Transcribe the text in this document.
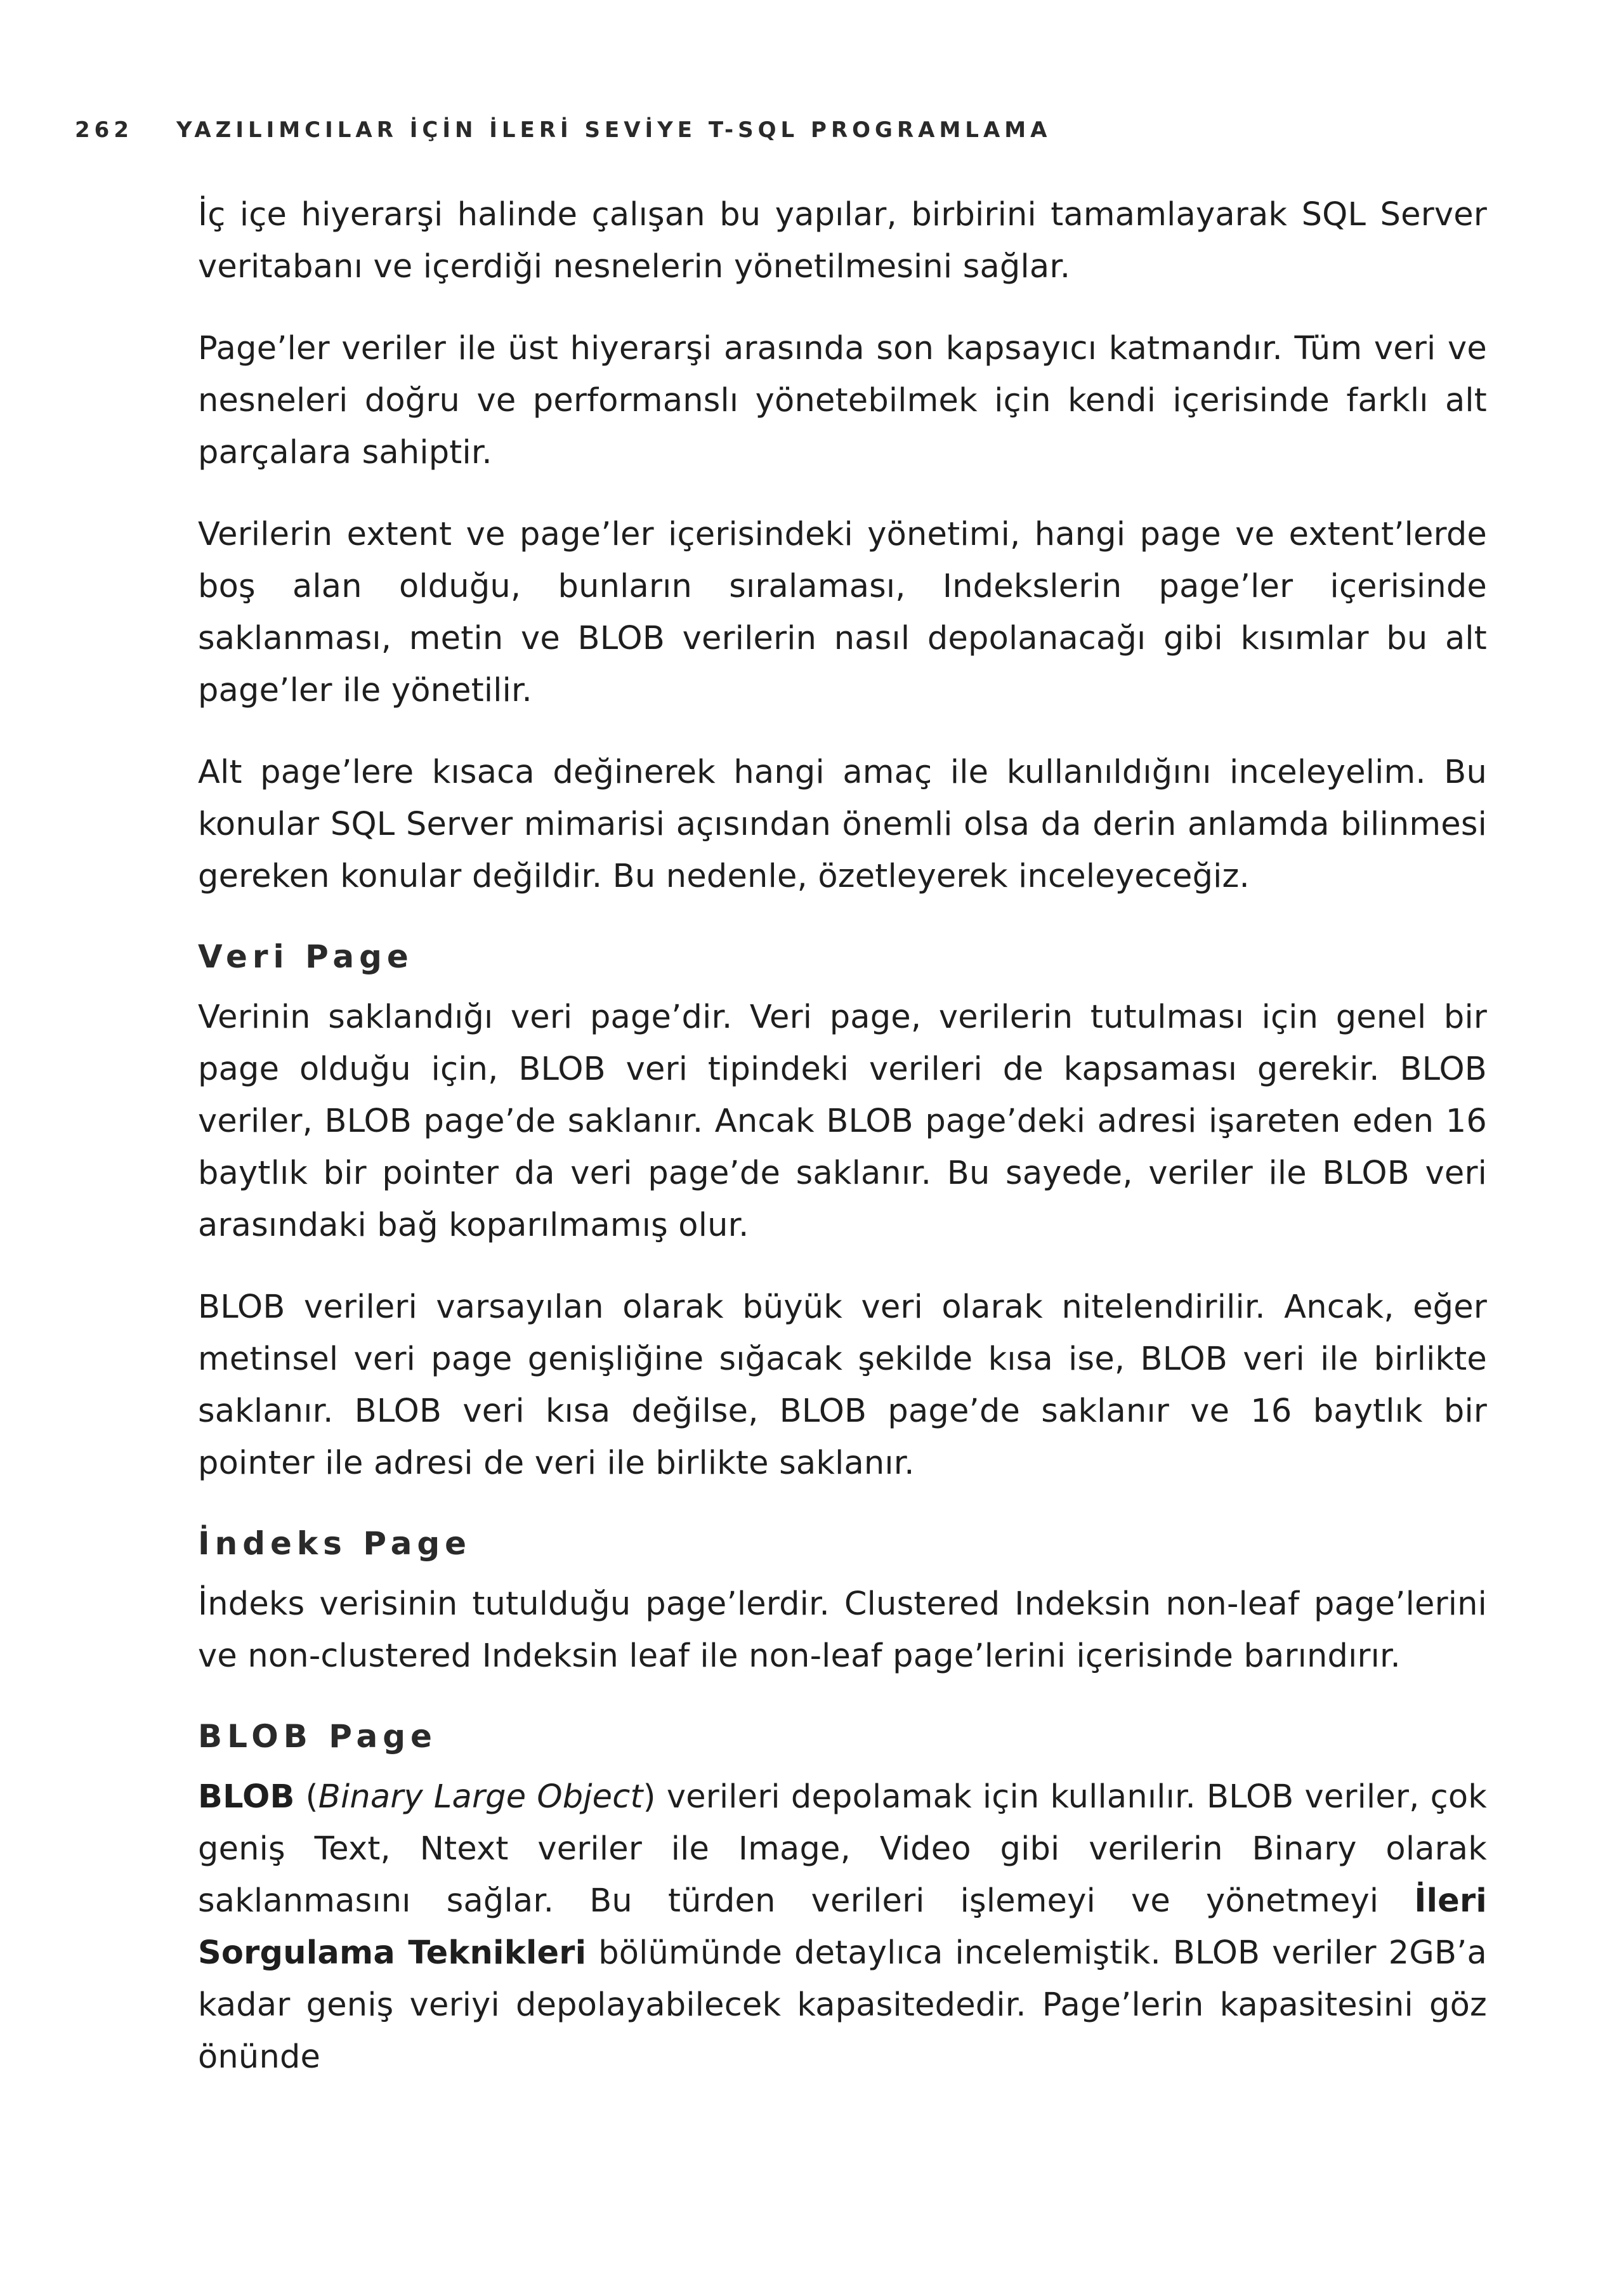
262 YAZILIMCILAR İÇİN İLERİ SEVİYE T-SQL PROGRAMLAMA

İç içe hiyerarşi halinde çalışan bu yapılar, birbirini tamamlayarak SQL Server veritabanı ve içerdiği nesnelerin yönetilmesini sağlar.

Page’ler veriler ile üst hiyerarşi arasında son kapsayıcı katmandır. Tüm veri ve nesneleri doğru ve performanslı yönetebilmek için kendi içerisinde farklı alt parçalara sahiptir.

Verilerin extent ve page’ler içerisindeki yönetimi, hangi page ve extent’lerde boş alan olduğu, bunların sıralaması, Indekslerin page’ler içerisinde saklanması, metin ve BLOB verilerin nasıl depolanacağı gibi kısımlar bu alt page’ler ile yönetilir.

Alt page’lere kısaca değinerek hangi amaç ile kullanıldığını inceleyelim. Bu konular SQL Server mimarisi açısından önemli olsa da derin anlamda bilinmesi gereken konular değildir. Bu nedenle, özetleyerek inceleyeceğiz.

Veri Page

Verinin saklandığı veri page’dir. Veri page, verilerin tutulması için genel bir page olduğu için, BLOB veri tipindeki verileri de kapsaması gerekir. BLOB veriler, BLOB page’de saklanır. Ancak BLOB page’deki adresi işareten eden 16 baytlık bir pointer da veri page’de saklanır. Bu sayede, veriler ile BLOB veri arasındaki bağ koparılmamış olur.

BLOB verileri varsayılan olarak büyük veri olarak nitelendirilir. Ancak, eğer metinsel veri page genişliğine sığacak şekilde kısa ise, BLOB veri ile birlikte saklanır. BLOB veri kısa değilse, BLOB page’de saklanır ve 16 baytlık bir pointer ile adresi de veri ile birlikte saklanır.

İndeks Page

İndeks verisinin tutulduğu page’lerdir. Clustered Indeksin non-leaf page’lerini ve non-clustered Indeksin leaf ile non-leaf page’lerini içerisinde barındırır.

BLOB Page

BLOB (Binary Large Object) verileri depolamak için kullanılır. BLOB veriler, çok geniş Text, Ntext veriler ile Image, Video gibi verilerin Binary olarak saklanmasını sağlar. Bu türden verileri işlemeyi ve yönetmeyi İleri Sorgulama Teknikleri bölümünde detaylıca incelemiştik. BLOB veriler 2GB’a kadar geniş veriyi depolayabilecek kapasitededir. Page’lerin kapasitesini göz önünde
